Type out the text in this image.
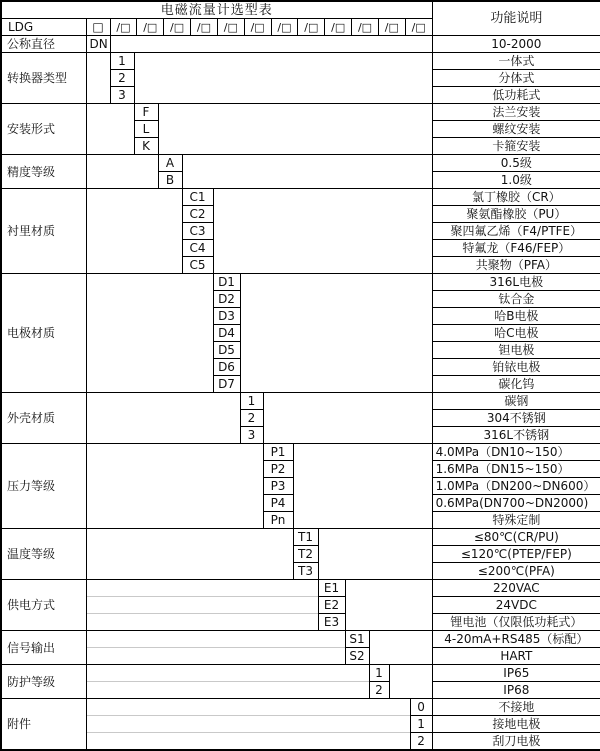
电磁流量计选型表															功能说明
LDG	□	/□	/□	/□	/□	/□	/□	/□	/□	/□	/□	/□	/□

公称直径	DN														10-2000
转换器类型		1													一体式
		2													分体式
		3													低功耗式
安装形式			F												法兰安装
			L												螺纹安装
			K												卡箍安装
精度等级				A											0.5级
				B											1.0级
衬里材质					C1										氯丁橡胶（CR）
					C2										聚氨酯橡胶（PU）
					C3										聚四氟乙烯（F4/PTFE）
					C4										特氟龙（F46/FEP）
					C5										共聚物（PFA）
电极材质						D1									316L电极
						D2									钛合金
						D3									哈B电极
						D4									哈C电极
						D5									钽电极
						D6									铂铱电极
						D7									碳化钨
外壳材质							1								碳钢
							2								304不锈钢
							3								316L不锈钢
压力等级								P1							4.0MPa（DN10~150）
								P2							1.6MPa（DN15~150）
								P3							1.0MPa（DN200~DN600）
								P4							0.6MPa(DN700~DN2000)
								Pn							特殊定制
温度等级									T1						≤80℃(CR/PU)
									T2						≤120℃(PTEP/FEP)
									T3						≤200℃(PFA)
供电方式										E1					220VAC
										E2					24VDC
										E3					锂电池（仅限低功耗式）
信号输出											S1				4-20mA+RS485（标配）
											S2				HART
防护等级												1			IP65
												2			IP68
附件														0	不接地
														1	接地电极
														2	刮刀电极
